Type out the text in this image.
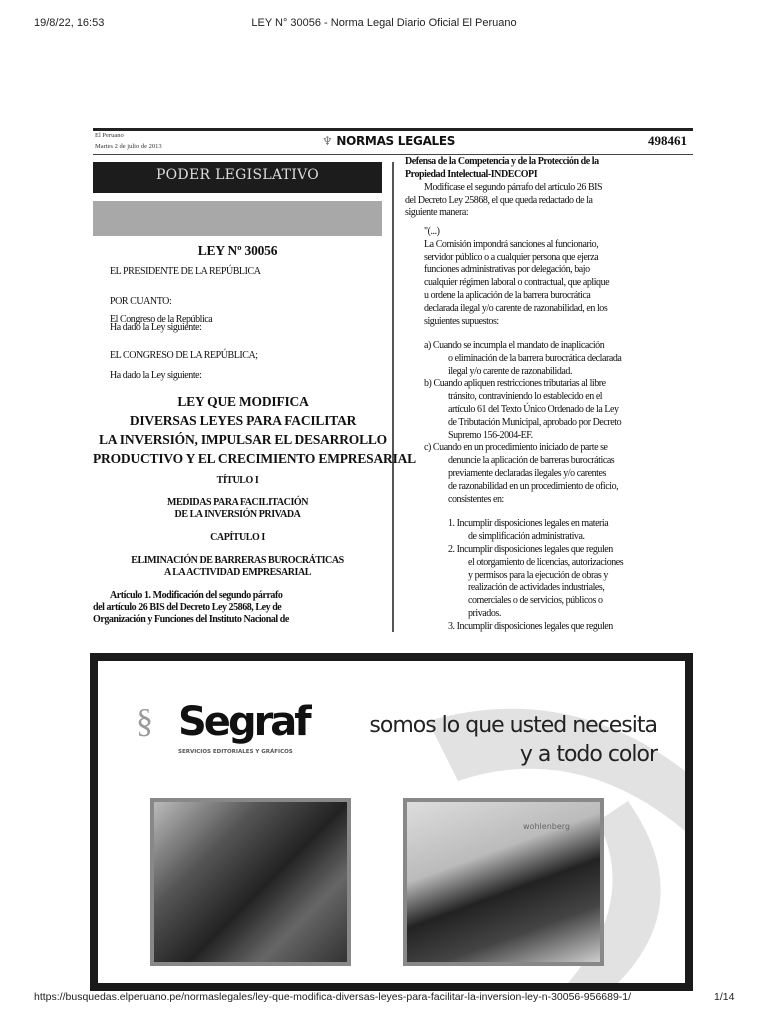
19/8/22, 16:53	LEY N° 30056 - Norma Legal Diario Oficial El Peruano
El Peruano
Martes 2 de julio de 2013	♆ NORMAS LEGALES	498461
PODER LEGISLATIVO
LEY Nº 30056
EL PRESIDENTE DE LA REPÚBLICA
POR CUANTO:
El Congreso de la República
Ha dado la Ley siguiente:
EL CONGRESO DE LA REPÚBLICA;
Ha dado la Ley siguiente:
LEY QUE MODIFICA
DIVERSAS LEYES PARA FACILITAR
LA INVERSIÓN, IMPULSAR EL DESARROLLO
PRODUCTIVO Y EL CRECIMIENTO EMPRESARIAL
TÍTULO I
MEDIDAS PARA FACILITACIÓN
DE LA INVERSIÓN PRIVADA
CAPÍTULO I
ELIMINACIÓN DE BARRERAS BUROCRÁTICAS
A LA ACTIVIDAD EMPRESARIAL
Artículo 1. Modificación del segundo párrafo
del artículo 26 BIS del Decreto Ley 25868, Ley de
Organización y Funciones del Instituto Nacional de
Defensa de la Competencia y de la Protección de la
Propiedad Intelectual-INDECOPI
Modifícase el segundo párrafo del artículo 26 BIS
del Decreto Ley 25868, el que queda redactado de la
siguiente manera:
"(...)
La Comisión impondrá sanciones al funcionario,
servidor público o a cualquier persona que ejerza
funciones administrativas por delegación, bajo
cualquier régimen laboral o contractual, que aplique
u ordene la aplicación de la barrera burocrática
declarada ilegal y/o carente de razonabilidad, en los
siguientes supuestos:
a) Cuando se incumpla el mandato de inaplicación
o eliminación de la barrera burocrática declarada
ilegal y/o carente de razonabilidad.
b) Cuando apliquen restricciones tributarias al libre
tránsito, contraviniendo lo establecido en el
artículo 61 del Texto Único Ordenado de la Ley
de Tributación Municipal, aprobado por Decreto
Supremo 156-2004-EF.
c) Cuando en un procedimiento iniciado de parte se
denuncie la aplicación de barreras burocráticas
previamente declaradas ilegales y/o carentes
de razonabilidad en un procedimiento de oficio,
consistentes en:
1. Incumplir disposiciones legales en materia
de simplificación administrativa.
2. Incumplir disposiciones legales que regulen
el otorgamiento de licencias, autorizaciones
y permisos para la ejecución de obras y
realización de actividades industriales,
comerciales o de servicios, públicos o
privados.
3. Incumplir disposiciones legales que regulen
§ Segraf
SERVICIOS EDITORIALES Y GRÁFICOS
somos lo que usted necesita
y a todo color
wohlenberg
https://busquedas.elperuano.pe/normaslegales/ley-que-modifica-diversas-leyes-para-facilitar-la-inversion-ley-n-30056-956689-1/	1/14
